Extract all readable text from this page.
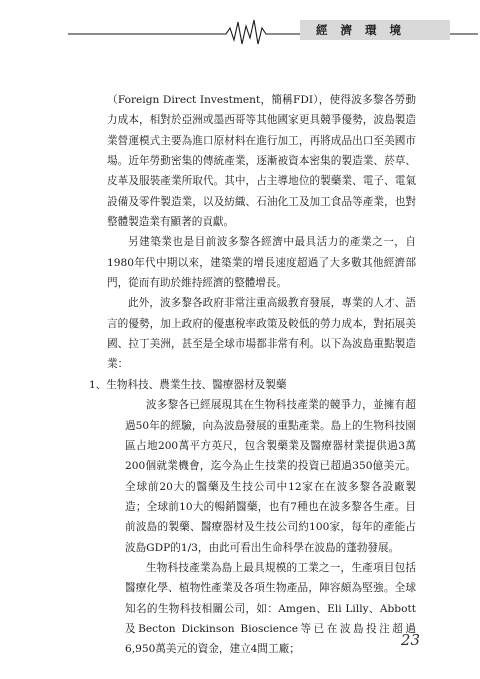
經濟環境

（Foreign Direct Investment，簡稱FDI），使得波多黎各勞動力成本，相對於亞洲或墨西哥等其他國家更具競爭優勢，波島製造業營運模式主要為進口原材料在進行加工，再將成品出口至美國市場。近年勞動密集的傳統產業，逐漸被資本密集的製造業、菸草、皮革及服裝產業所取代。其中，占主導地位的製藥業、電子、電氣設備及零件製造業，以及紡織、石油化工及加工食品等產業，也對整體製造業有顯著的貢獻。

另建築業也是目前波多黎各經濟中最具活力的產業之一，自1980年代中期以來，建築業的增長速度超過了大多數其他經濟部門，從而有助於維持經濟的整體增長。

此外，波多黎各政府非常注重高級教育發展，專業的人才、語言的優勢，加上政府的優惠稅率政策及較低的勞力成本，對拓展美國、拉丁美洲，甚至是全球市場都非常有利。以下為波島重點製造業：

1、生物科技、農業生技、醫療器材及製藥

波多黎各已經展現其在生物科技產業的競爭力，並擁有超過50年的經驗，向為波島發展的重點產業。島上的生物科技園區占地200萬平方英尺，包含製藥業及醫療器材業提供過3萬200個就業機會，迄今為止生技業的投資已超過350億美元。全球前20大的醫藥及生技公司中12家在在波多黎各設廠製造；全球前10大的暢銷醫藥，也有7種也在波多黎各生產。目前波島的製藥、醫療器材及生技公司約100家，每年的產能占波島GDP的1/3，由此可看出生命科學在波島的蓬勃發展。

生物科技產業為島上最具規模的工業之一，生產項目包括醫療化學、植物性產業及各項生物產品，陣容頗為堅強。全球知名的生物科技相關公司，如：Amgen、Eli Lilly、Abbott及Becton Dickinson Bioscience等已在波島投注超過6,950萬美元的資金，建立4間工廠；

23
